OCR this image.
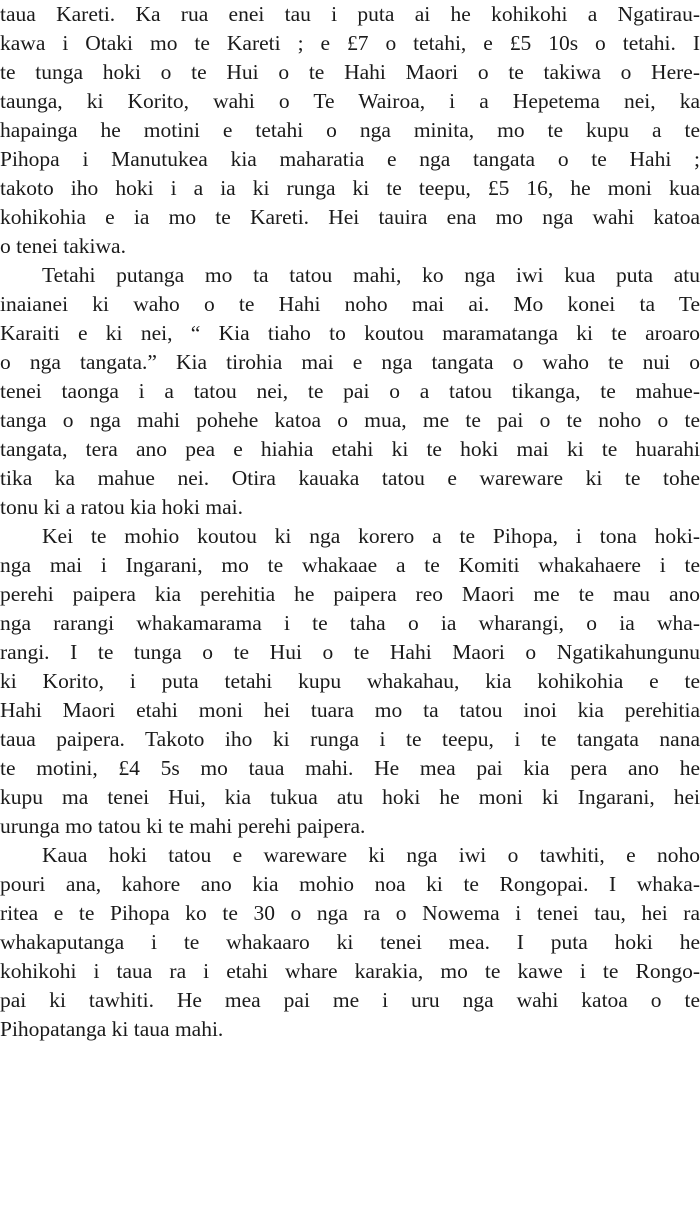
taua Kareti. Ka rua enei tau i puta ai he kohikohi a Ngatirau-
kawa i Otaki mo te Kareti ; e £7 o tetahi, e £5 10s o tetahi. I
te tunga hoki o te Hui o te Hahi Maori o te takiwa o Here-
taunga, ki Korito, wahi o Te Wairoa, i a Hepetema nei, ka
hapainga he motini e tetahi o nga minita, mo te kupu a te
Pihopa i Manutukea kia maharatia e nga tangata o te Hahi ;
takoto iho hoki i a ia ki runga ki te teepu, £5 16, he moni kua
kohikohia e ia mo te Kareti. Hei tauira ena mo nga wahi katoa
o tenei takiwa.
Tetahi putanga mo ta tatou mahi, ko nga iwi kua puta atu
inaianei ki waho o te Hahi noho mai ai. Mo konei ta Te
Karaiti e ki nei, “ Kia tiaho to koutou maramatanga ki te aroaro
o nga tangata.” Kia tirohia mai e nga tangata o waho te nui o
tenei taonga i a tatou nei, te pai o a tatou tikanga, te mahue-
tanga o nga mahi pohehe katoa o mua, me te pai o te noho o te
tangata, tera ano pea e hiahia etahi ki te hoki mai ki te huarahi
tika ka mahue nei. Otira kauaka tatou e wareware ki te tohe
tonu ki a ratou kia hoki mai.
Kei te mohio koutou ki nga korero a te Pihopa, i tona hoki-
nga mai i Ingarani, mo te whakaae a te Komiti whakahaere i te
perehi paipera kia perehitia he paipera reo Maori me te mau ano
nga rarangi whakamarama i te taha o ia wharangi, o ia wha-
rangi. I te tunga o te Hui o te Hahi Maori o Ngatikahungunu
ki Korito, i puta tetahi kupu whakahau, kia kohikohia e te
Hahi Maori etahi moni hei tuara mo ta tatou inoi kia perehitia
taua paipera. Takoto iho ki runga i te teepu, i te tangata nana
te motini, £4 5s mo taua mahi. He mea pai kia pera ano he
kupu ma tenei Hui, kia tukua atu hoki he moni ki Ingarani, hei
urunga mo tatou ki te mahi perehi paipera.
Kaua hoki tatou e wareware ki nga iwi o tawhiti, e noho
pouri ana, kahore ano kia mohio noa ki te Rongopai. I whaka-
ritea e te Pihopa ko te 30 o nga ra o Nowema i tenei tau, hei ra
whakaputanga i te whakaaro ki tenei mea. I puta hoki he
kohikohi i taua ra i etahi whare karakia, mo te kawe i te Rongo-
pai ki tawhiti. He mea pai me i uru nga wahi katoa o te
Pihopatanga ki taua mahi.
